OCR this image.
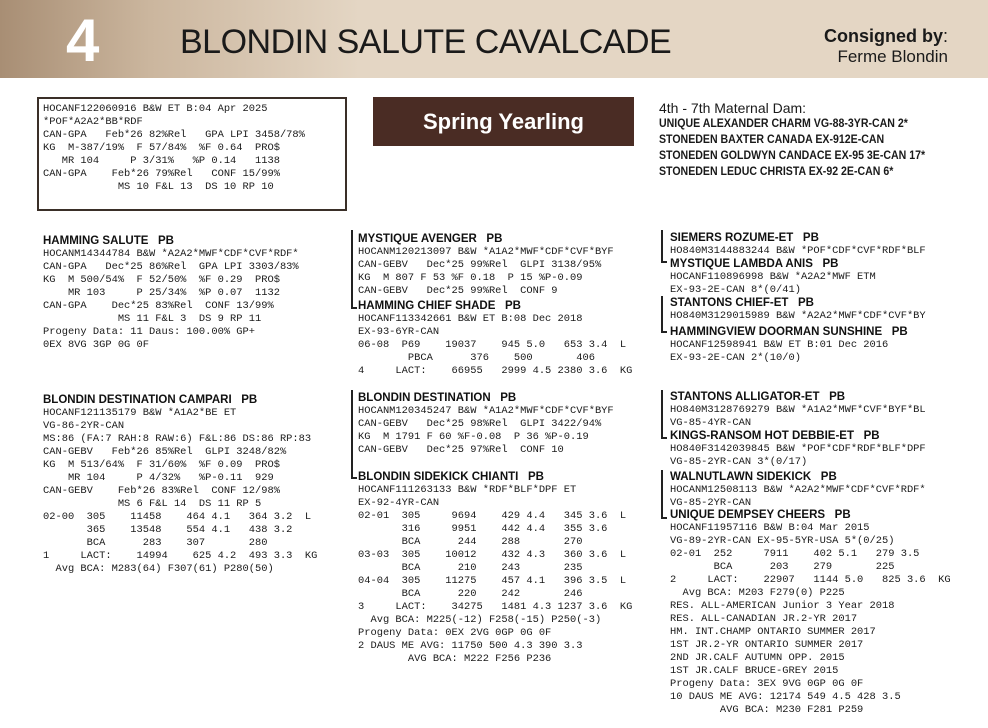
4 BLONDIN SALUTE CAVALCADE	Consigned by:
Ferme Blondin
HOCANF122060916 B&W ET B:04 Apr 2025
*POF*A2A2*BB*RDF
CAN-GPA   Feb*26 82%Rel   GPA LPI 3458/78%
KG  M-387/19%  F 57/84%  %F 0.64  PRO$
MR 104     P 3/31%   %P 0.14   1138
CAN-GPA    Feb*26 79%Rel   CONF 15/99%
MS 10 F&L 13  DS 10 RP 10
Spring Yearling
4th - 7th Maternal Dam:
UNIQUE ALEXANDER CHARM VG-88-3YR-CAN 2*
STONEDEN BAXTER CANADA EX-912E-CAN
STONEDEN GOLDWYN CANDACE EX-95 3E-CAN 17*
STONEDEN LEDUC CHRISTA EX-92 2E-CAN 6*
HAMMING SALUTE   PB
HOCANM14344784 B&W *A2A2*MWF*CDF*CVF*RDF*
CAN-GPA   Dec*25 86%Rel  GPA LPI 3303/83%
KG  M 500/54%  F 52/50%  %F 0.29  PRO$
MR 103     P 25/34%  %P 0.07  1132
CAN-GPA    Dec*25 83%Rel  CONF 13/99%
MS 11 F&L 3  DS 9 RP 11
Progeny Data: 11 Daus: 100.00% GP+
0EX 8VG 3GP 0G 0F
BLONDIN DESTINATION CAMPARI   PB
HOCANF121135179 B&W *A1A2*BE ET
VG-86-2YR-CAN
MS:86 (FA:7 RAH:8 RAW:6) F&L:86 DS:86 RP:83
CAN-GEBV   Feb*26 85%Rel  GLPI 3248/82%
KG  M 513/64%  F 31/60%  %F 0.09  PRO$
MR 104     P 4/32%   %P-0.11  929
CAN-GEBV    Feb*26 83%Rel  CONF 12/98%
MS 6 F&L 14  DS 11 RP 5
02-00  305    11458    464 4.1   364 3.2  L
365    13548    554 4.1   438 3.2
BCA      283    307       280
1     LACT:    14994    625 4.2  493 3.3  KG
Avg BCA: M283(64) F307(61) P280(50)
MYSTIQUE AVENGER   PB
HOCANM120213097 B&W *A1A2*MWF*CDF*CVF*BYF
CAN-GEBV   Dec*25 99%Rel  GLPI 3138/95%
KG  M 807 F 53 %F 0.18  P 15 %P-0.09
CAN-GEBV   Dec*25 99%Rel  CONF 9
HAMMING CHIEF SHADE   PB
HOCANF113342661 B&W ET B:08 Dec 2018
EX-93-6YR-CAN
06-08  P69    19037    945 5.0   653 3.4  L
PBCA      376    500       406
4     LACT:    66955   2999 4.5 2380 3.6  KG
BLONDIN DESTINATION   PB
HOCANM120345247 B&W *A1A2*MWF*CDF*CVF*BYF
CAN-GEBV   Dec*25 98%Rel  GLPI 3422/94%
KG  M 1791 F 60 %F-0.08  P 36 %P-0.19
CAN-GEBV   Dec*25 97%Rel  CONF 10
BLONDIN SIDEKICK CHIANTI   PB
HOCANF111263133 B&W *RDF*BLF*DPF ET
EX-92-4YR-CAN
02-01  305     9694    429 4.4   345 3.6  L
316     9951    442 4.4   355 3.6
BCA      244    288       270
03-03  305    10012    432 4.3   360 3.6  L
BCA      210    243       235
04-04  305    11275    457 4.1   396 3.5  L
BCA      220    242       246
3     LACT:    34275   1481 4.3 1237 3.6  KG
Avg BCA: M225(-12) F258(-15) P250(-3)
Progeny Data: 0EX 2VG 0GP 0G 0F
2 DAUS ME AVG: 11750 500 4.3 390 3.3
AVG BCA: M222 F256 P236
SIEMERS ROZUME-ET   PB
HO840M3144883244 B&W *POF*CDF*CVF*RDF*BLF
MYSTIQUE LAMBDA ANIS   PB
HOCANF110896998 B&W *A2A2*MWF ETM
EX-93-2E-CAN 8*(0/41)
STANTONS CHIEF-ET   PB
HO840M3129015989 B&W *A2A2*MWF*CDF*CVF*BY
HAMMINGVIEW DOORMAN SUNSHINE   PB
HOCANF12598941 B&W ET B:01 Dec 2016
EX-93-2E-CAN 2*(10/0)
STANTONS ALLIGATOR-ET   PB
HO840M3128769279 B&W *A1A2*MWF*CVF*BYF*BL
VG-85-4YR-CAN
KINGS-RANSOM HOT DEBBIE-ET   PB
HO840F3142039845 B&W *POF*CDF*RDF*BLF*DPF
VG-85-2YR-CAN 3*(0/17)
WALNUTLAWN SIDEKICK   PB
HOCANM12508113 B&W *A2A2*MWF*CDF*CVF*RDF*
VG-85-2YR-CAN
UNIQUE DEMPSEY CHEERS   PB
HOCANF11957116 B&W B:04 Mar 2015
VG-89-2YR-CAN EX-95-5YR-USA 5*(0/25)
02-01  252     7911    402 5.1   279 3.5
BCA      203    279       225
2     LACT:    22907   1144 5.0   825 3.6  KG
Avg BCA: M203 F279(0) P225
RES. ALL-AMERICAN Junior 3 Year 2018
RES. ALL-CANADIAN JR.2-YR 2017
HM. INT.CHAMP ONTARIO SUMMER 2017
1ST JR.2-YR ONTARIO SUMMER 2017
2ND JR.CALF AUTUMN OPP. 2015
1ST JR.CALF BRUCE-GREY 2015
Progeny Data: 3EX 9VG 0GP 0G 0F
10 DAUS ME AVG: 12174 549 4.5 428 3.5
AVG BCA: M230 F281 P259
